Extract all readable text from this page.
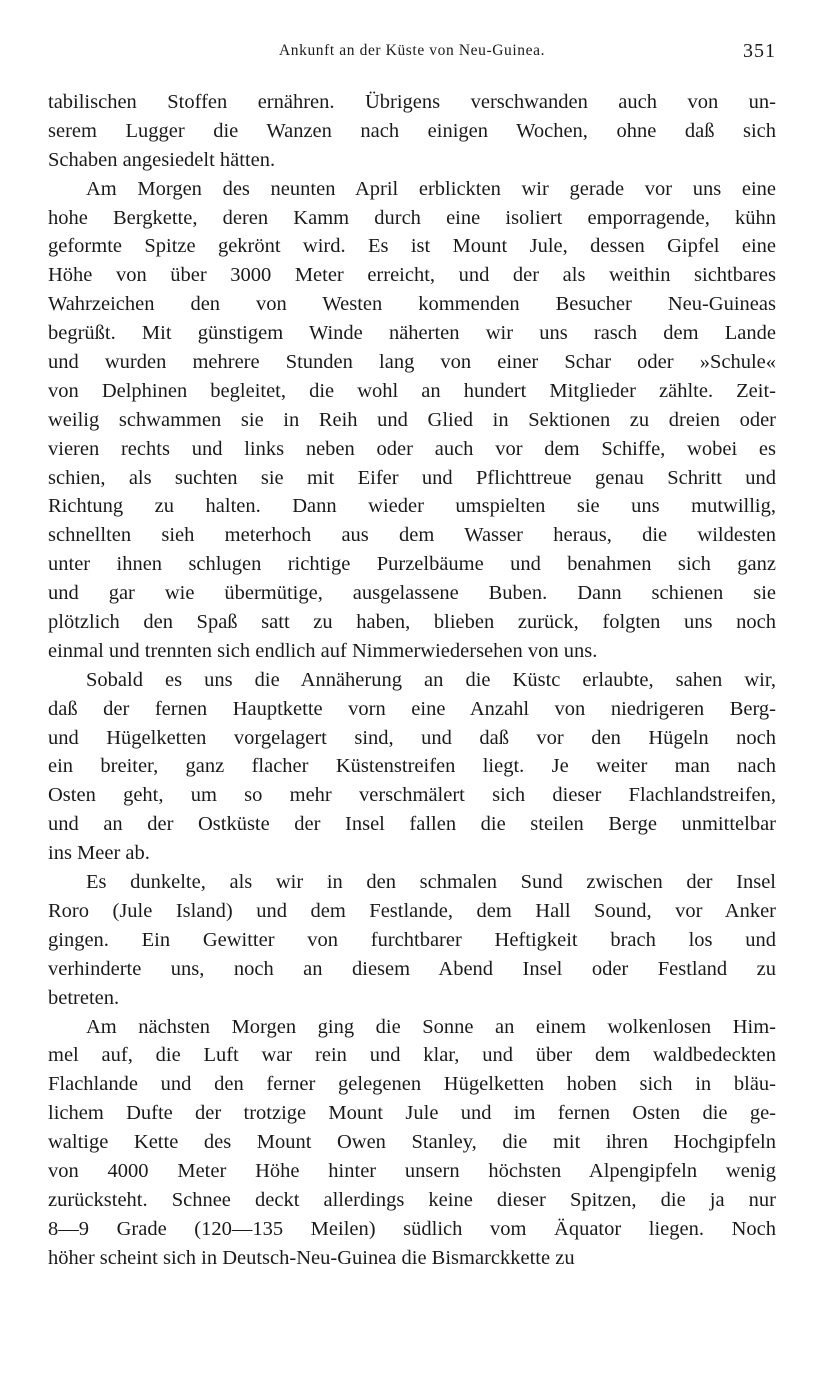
Ankunft an der Küste von Neu-Guinea.	351
tabilischen Stoffen ernähren. Übrigens verschwanden auch von un-
serem Lugger die Wanzen nach einigen Wochen, ohne daß sich
Schaben angesiedelt hätten.
Am Morgen des neunten April erblickten wir gerade vor uns eine
hohe Bergkette, deren Kamm durch eine isoliert emporragende, kühn
geformte Spitze gekrönt wird. Es ist Mount Jule, dessen Gipfel eine
Höhe von über 3000 Meter erreicht, und der als weithin sichtbares
Wahrzeichen den von Westen kommenden Besucher Neu-Guineas
begrüßt. Mit günstigem Winde näherten wir uns rasch dem Lande
und wurden mehrere Stunden lang von einer Schar oder »Schule«
von Delphinen begleitet, die wohl an hundert Mitglieder zählte. Zeit-
weilig schwammen sie in Reih und Glied in Sektionen zu dreien oder
vieren rechts und links neben oder auch vor dem Schiffe, wobei es
schien, als suchten sie mit Eifer und Pflichttreue genau Schritt und
Richtung zu halten. Dann wieder umspielten sie uns mutwillig,
schnellten sieh meterhoch aus dem Wasser heraus, die wildesten
unter ihnen schlugen richtige Purzelbäume und benahmen sich ganz
und gar wie übermütige, ausgelassene Buben. Dann schienen sie
plötzlich den Spaß satt zu haben, blieben zurück, folgten uns noch
einmal und trennten sich endlich auf Nimmerwiedersehen von uns.
Sobald es uns die Annäherung an die Küstc erlaubte, sahen wir,
daß der fernen Hauptkette vorn eine Anzahl von niedrigeren Berg-
und Hügelketten vorgelagert sind, und daß vor den Hügeln noch
ein breiter, ganz flacher Küstenstreifen liegt. Je weiter man nach
Osten geht, um so mehr verschmälert sich dieser Flachlandstreifen,
und an der Ostküste der Insel fallen die steilen Berge unmittelbar
ins Meer ab.
Es dunkelte, als wir in den schmalen Sund zwischen der Insel
Roro (Jule Island) und dem Festlande, dem Hall Sound, vor Anker
gingen. Ein Gewitter von furchtbarer Heftigkeit brach los und
verhinderte uns, noch an diesem Abend Insel oder Festland zu
betreten.
Am nächsten Morgen ging die Sonne an einem wolkenlosen Him-
mel auf, die Luft war rein und klar, und über dem waldbedeckten
Flachlande und den ferner gelegenen Hügelketten hoben sich in bläu-
lichem Dufte der trotzige Mount Jule und im fernen Osten die ge-
waltige Kette des Mount Owen Stanley, die mit ihren Hochgipfeln
von 4000 Meter Höhe hinter unsern höchsten Alpengipfeln wenig
zurücksteht. Schnee deckt allerdings keine dieser Spitzen, die ja nur
8—9 Grade (120—135 Meilen) südlich vom Äquator liegen. Noch
höher scheint sich in Deutsch-Neu-Guinea die Bismarckkette zu
